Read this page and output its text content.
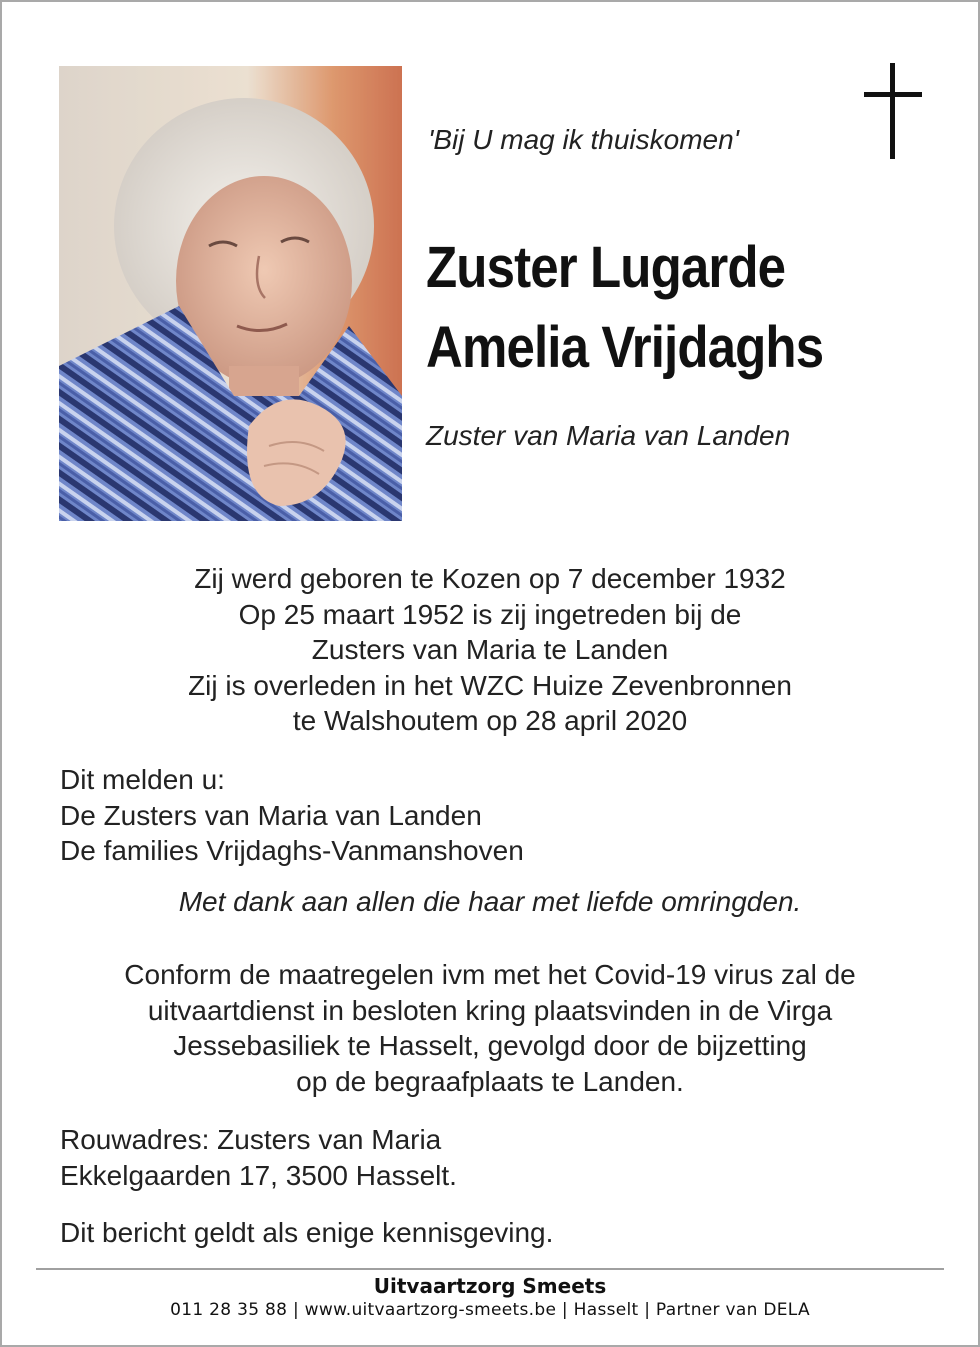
'Bij U mag ik thuiskomen'
Zuster Lugarde
Amelia Vrijdaghs
Zuster van Maria van Landen
Zij werd geboren te Kozen op 7 december 1932
Op 25 maart 1952 is zij ingetreden bij de
Zusters van Maria te Landen
Zij is overleden in het WZC Huize Zevenbronnen
te Walshoutem op 28 april 2020
Dit melden u:
De Zusters van Maria van Landen
De families Vrijdaghs-Vanmanshoven
Met dank aan allen die haar met liefde omringden.
Conform de maatregelen ivm met het Covid-19 virus zal de
uitvaartdienst in besloten kring plaatsvinden in de Virga
Jessebasiliek te Hasselt, gevolgd door de bijzetting
op de begraafplaats te Landen.
Rouwadres: Zusters van Maria
Ekkelgaarden 17, 3500 Hasselt.
Dit bericht geldt als enige kennisgeving.
Uitvaartzorg Smeets
011 28 35 88 | www.uitvaartzorg-smeets.be | Hasselt | Partner van DELA
